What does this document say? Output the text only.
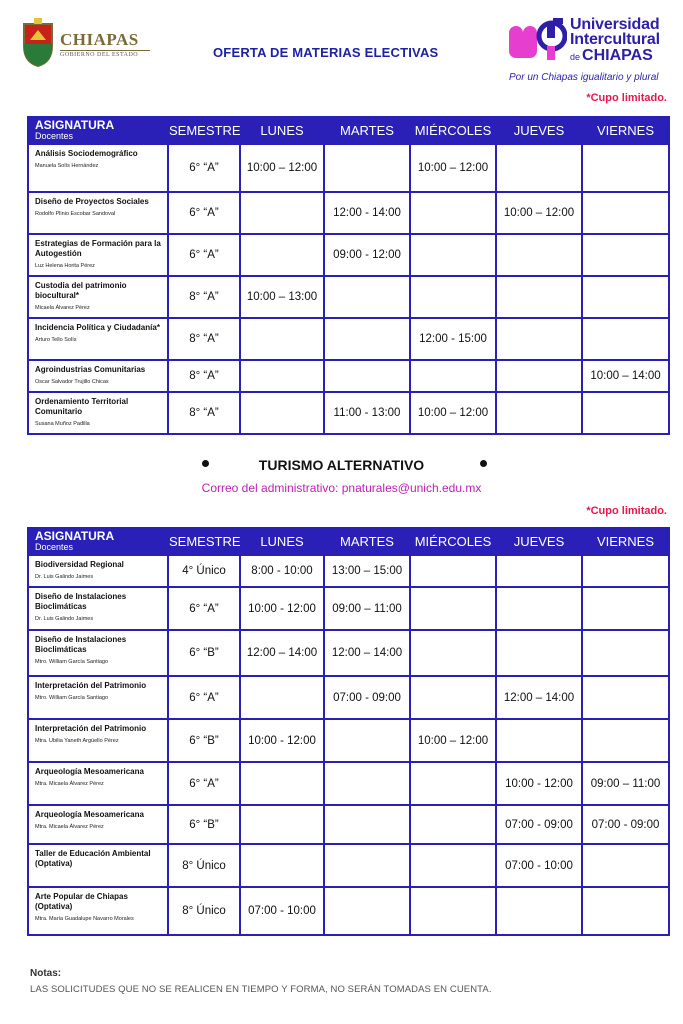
CHIAPAS
GOBIERNO DEL ESTADO	OFERTA DE MATERIAS ELECTIVAS
Universidad
Intercultural
de CHIAPAS
Por un Chiapas igualitario y plural
*Cupo limitado.
ASIGNATURA
Docentes	SEMESTRE	LUNES	MARTES	MIÉRCOLES	JUEVES	VIERNES

Análisis Sociodemográfico
Manuela Solís Hernández	6° “A”	10:00 – 12:00		10:00 – 12:00		

Diseño de Proyectos Sociales
Rodolfo Plinio Escobar Sandoval	6° “A”		12:00 - 14:00		10:00 – 12:00	

Estrategias de Formación para la Autogestión
Luz Helena Horita Pérez	6° “A”		09:00 - 12:00			

Custodia del patrimonio biocultural*
Micaela Álvarez Pérez	8° “A”	10:00 – 13:00				

Incidencia Política y Ciudadanía*
Arturo Tello Solís	8° “A”			12:00 - 15:00		

Agroindustrias Comunitarias
Oscar Salvador Trujillo Chicas	8° “A”					10:00 – 14:00

Ordenamiento Territorial Comunitario
Susana Muñoz Padilla	8° “A”		11:00 - 13:00	10:00 – 12:00		
TURISMO ALTERNATIVO
Correo del administrativo: pnaturales@unich.edu.mx
*Cupo limitado.
ASIGNATURA
Docentes	SEMESTRE	LUNES	MARTES	MIÉRCOLES	JUEVES	VIERNES

Biodiversidad Regional
Dr. Luis Galindo Jaimes	4° Único	8:00 - 10:00	13:00 – 15:00			

Diseño de Instalaciones Bioclimáticas
Dr. Luis Galindo Jaimes	6° “A”	10:00 - 12:00	09:00 – 11:00			

Diseño de Instalaciones Bioclimáticas
Mtro. William García Santiago	6° “B”	12:00 – 14:00	12:00 – 14:00			

Interpretación del Patrimonio
Mtro. William García Santiago	6° “A”		07:00 - 09:00		12:00 – 14:00	

Interpretación del Patrimonio
Mtra. Ubilia Yaneth Argüello Pérez	6° “B”	10:00 - 12:00		10:00 – 12:00		

Arqueología Mesoamericana
Mtra. Micaela Álvarez Pérez	6° “A”				10:00 - 12:00	09:00 – 11:00

Arqueología Mesoamericana
Mtra. Micaela Álvarez Pérez	6° “B”				07:00 - 09:00	07:00 - 09:00

Taller de Educación Ambiental (Optativa)	8° Único				07:00 - 10:00	

Arte Popular de Chiapas (Optativa)
Mtra. María Guadalupe Navarro Morales	8° Único	07:00 - 10:00				
Notas:
LAS SOLICITUDES QUE NO SE REALICEN EN TIEMPO Y FORMA, NO SERÁN TOMADAS EN CUENTA.
